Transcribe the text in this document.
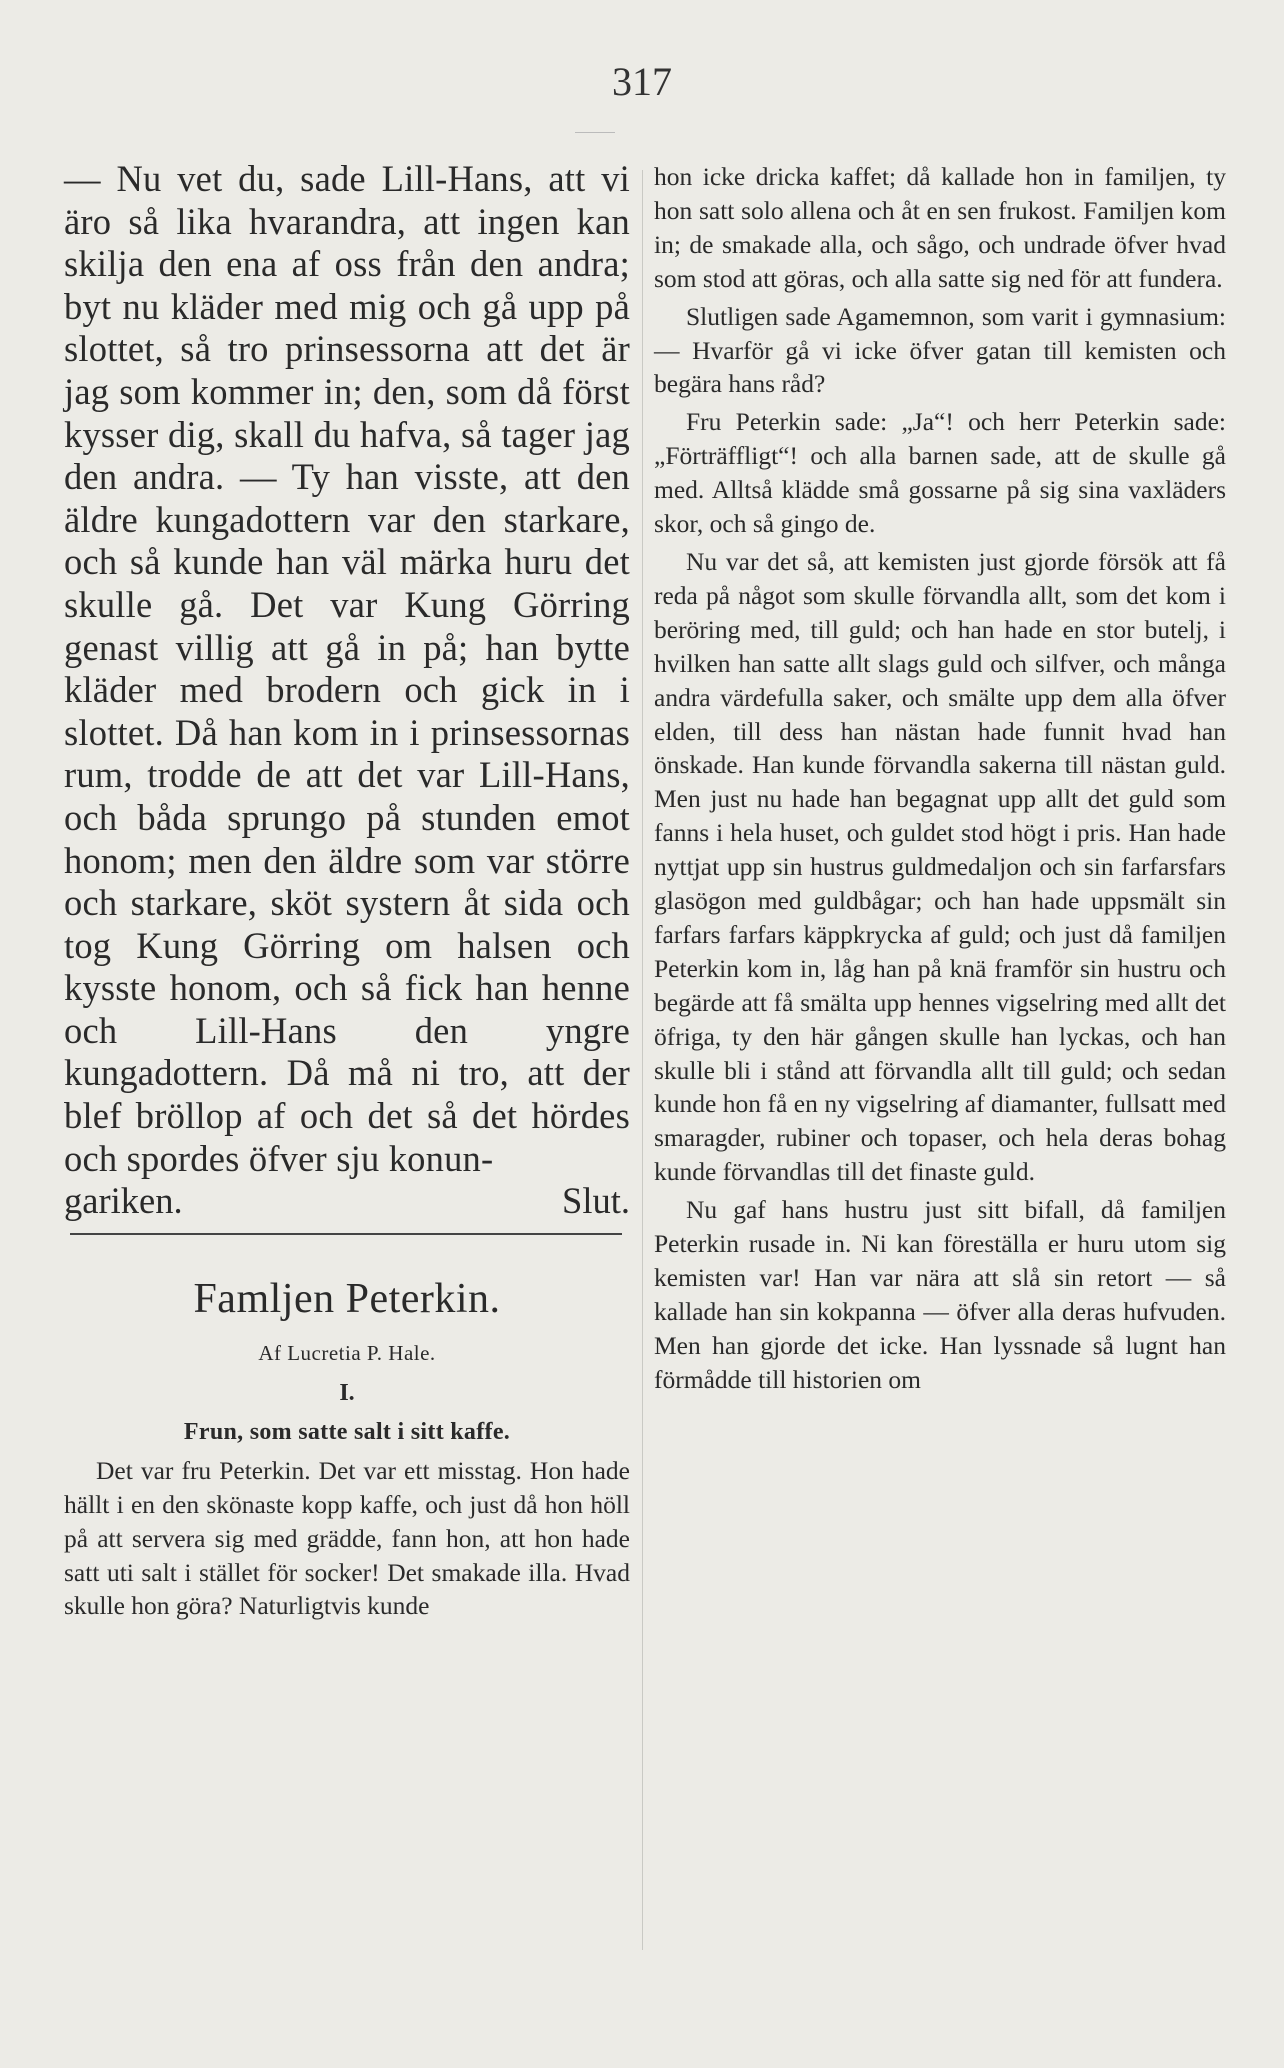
317

— Nu vet du, sade Lill-Hans, att vi äro så lika hvarandra, att ingen kan skilja den ena af oss från den andra; byt nu kläder med mig och gå upp på slottet, så tro prinsessorna att det är jag som kommer in; den, som då först kysser dig, skall du hafva, så tager jag den andra. — Ty han visste, att den äldre kungadottern var den starkare, och så kunde han väl märka huru det skulle gå. Det var Kung Görring genast villig att gå in på; han bytte kläder med brodern och gick in i slottet. Då han kom in i prinsessornas rum, trodde de att det var Lill-Hans, och båda sprungo på stunden emot honom; men den äldre som var större och starkare, sköt systern åt sida och tog Kung Görring om halsen och kysste honom, och så fick han henne och Lill-Hans den yngre kungadottern. Då må ni tro, att der blef bröllop af och det så det hördes och spordes öfver sju konun-

gariken.	Slut.
Famljen Peterkin.
Af Lucretia P. Hale.
I.
Frun, som satte salt i sitt kaffe.

Det var fru Peterkin. Det var ett misstag. Hon hade hällt i en den skönaste kopp kaffe, och just då hon höll på att servera sig med grädde, fann hon, att hon hade satt uti salt i stället för socker! Det smakade illa. Hvad skulle hon göra? Naturligtvis kunde

hon icke dricka kaffet; då kallade hon in familjen, ty hon satt solo allena och åt en sen frukost. Familjen kom in; de smakade alla, och sågo, och undrade öfver hvad som stod att göras, och alla satte sig ned för att fundera.

Slutligen sade Agamemnon, som varit i gymnasium: — Hvarför gå vi icke öfver gatan till kemisten och begära hans råd?

Fru Peterkin sade: „Ja“! och herr Peterkin sade: „Förträffligt“! och alla barnen sade, att de skulle gå med. Alltså klädde små gossarne på sig sina vaxläders skor, och så gingo de.

Nu var det så, att kemisten just gjorde försök att få reda på något som skulle förvandla allt, som det kom i beröring med, till guld; och han hade en stor butelj, i hvilken han satte allt slags guld och silfver, och många andra värdefulla saker, och smälte upp dem alla öfver elden, till dess han nästan hade funnit hvad han önskade. Han kunde förvandla sakerna till nästan guld. Men just nu hade han begagnat upp allt det guld som fanns i hela huset, och guldet stod högt i pris. Han hade nyttjat upp sin hustrus guldmedaljon och sin farfarsfars glasögon med guldbågar; och han hade uppsmält sin farfars farfars käppkrycka af guld; och just då familjen Peterkin kom in, låg han på knä framför sin hustru och begärde att få smälta upp hennes vigselring med allt det öfriga, ty den här gången skulle han lyckas, och han skulle bli i stånd att förvandla allt till guld; och sedan kunde hon få en ny vigselring af diamanter, fullsatt med smaragder, rubiner och topaser, och hela deras bohag kunde förvandlas till det finaste guld.

Nu gaf hans hustru just sitt bifall, då familjen Peterkin rusade in. Ni kan föreställa er huru utom sig kemisten var! Han var nära att slå sin retort — så kallade han sin kokpanna — öfver alla deras hufvuden. Men han gjorde det icke. Han lyssnade så lugnt han förmådde till historien om
